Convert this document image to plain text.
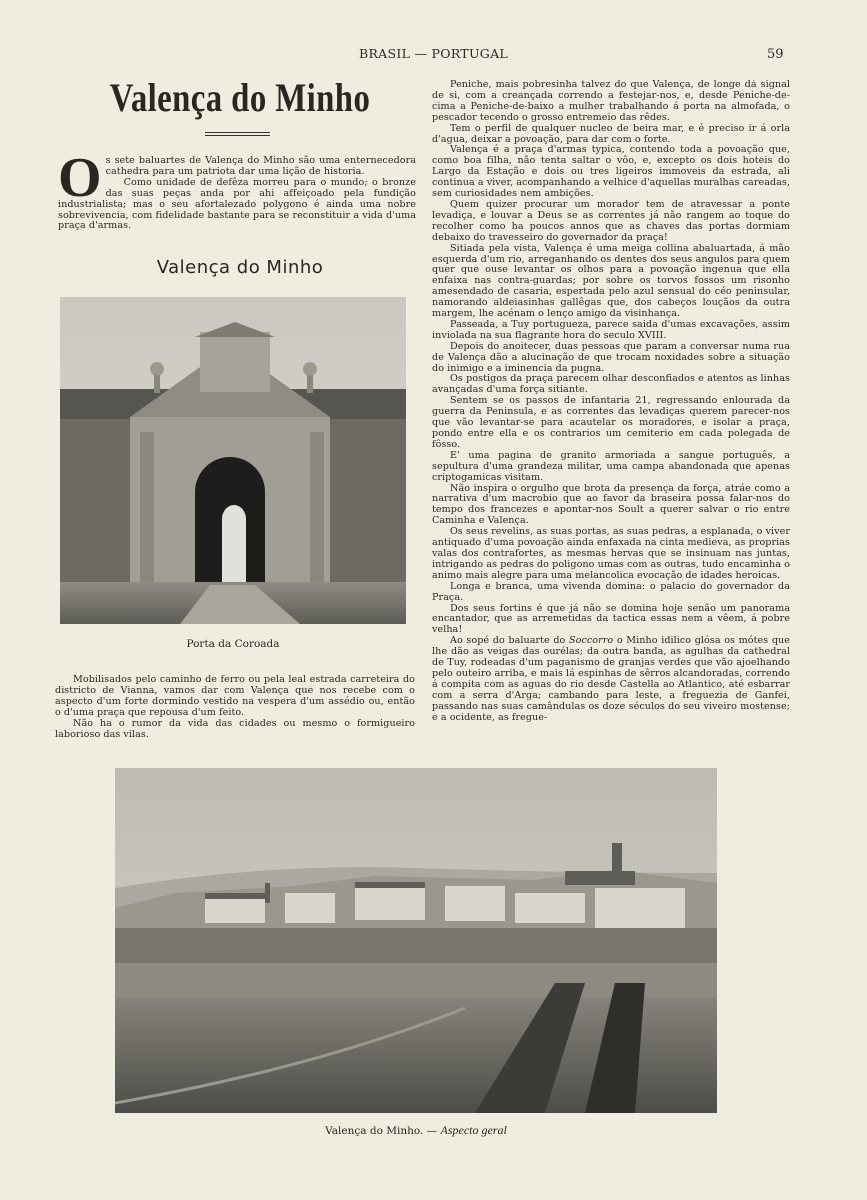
BRASIL — PORTUGAL	59
Valença do Minho

Os sete baluartes de Valença do Minho são uma enternecedora cathedra para um patriota dar uma lição de historia.

Como unidade de defêza morreu para o mundo; o bronze das suas peças anda por ahi affeiçoado pela fundição industrialista; mas o seu afortalezado polygono é ainda uma nobre sobrevivencia, com fidelidade bastante para se reconstituir a vida d'uma praça d'armas.

Valença do Minho
Porta da Coroada

Mobilisados pelo caminho de ferro ou pela leal estrada carreteira do districto de Vianna, vamos dar com Valença que nos recebe com o aspecto d'um forte dormindo vestido na vespera d'um assédio ou, então o d'uma praça que repousa d'um feito.

Não ha o rumor da vida das cidades ou mesmo o formigueiro laborioso das vilas.

Peniche, mais pobresinha talvez do que Valença, de longe dá signal de si, com a creançada correndo a festejar-nos, e, desde Peniche-de-cima a Peniche-de-baixo a mulher trabalhando á porta na almofada, o pescador tecendo o grosso entremeio das rêdes.

Tem o perfil de qualquer nucleo de beira mar, e é preciso ir á orla d'agua, deixar a povoação, para dar com o forte.

Valença é a praça d'armas typica, contendo toda a povoação que, como boa filha, não tenta saltar o vôo, e, excepto os dois hoteis do Largo da Estação e dois ou tres ligeiros immoveis da estrada, ali continua a viver, acompanhando a velhice d'aquellas muralhas careadas, sem curiosidades nem ambições.

Quem quizer procurar um morador tem de atravessar a ponte levadiça, e louvar a Deus se as correntes já não rangem ao toque do recolher como ha poucos annos que as chaves das portas dormiam debaixo do travesseiro do governador da praça!

Sitiada pela vista, Valença é uma meiga collina abaluartada, á mão esquerda d'um rio, arreganhando os dentes dos seus angulos para quem quer que ouse levantar os olhos para a povoação ingenua que ella enfaixa nas contra-guardas; por sobre os torvos fossos um risonho amesendado de casaria, espertada pelo azul sensual do céo peninsular, namorando aldeiasinhas gallêgas que, dos cabeços louçãos da outra margem, lhe acénam o lenço amigo da visinhança.

Passeada, a Tuy portugueza, parece saida d'umas excavações, assim inviolada na sua flagrante hora do seculo XVIII.

Depois do anoitecer, duas pessoas que param a conversar numa rua de Valença dão a alucinação de que trocam noxidades sobre a situação do inimigo e a iminencia da pugna.

Os postigos da praça parecem olhar desconfiados e atentos as linhas avançadas d'uma força sitiante.

Sentem se os passos de infantaria 21, regressando enlourada da guerra da Peninsula, e as correntes das levadiças querem parecer-nos que vão levantar-se para acautelar os moradores, e isolar a praça, pondo entre ella e os contrarios um cemiterio em cada polegada de fôsso.

E' uma pagina de granito armoriada a sangue português, a sepultura d'uma grandeza militar, uma campa abandonada que apenas criptogamicas visitam.

Não inspira o orgulho que brota da presença da força, atráe como a narrativa d'um macrobio que ao favor da braseira possa falar-nos do tempo dos francezes e apontar-nos Soult a querer salvar o rio entre Caminha e Valença.

Os seus revelins, as suas portas, as suas pedras, a esplanada, o viver antiquado d'uma povoação ainda enfaxada na cinta medieva, as proprias valas dos contrafortes, as mesmas hervas que se insinuam nas juntas, intrigando as pedras do poligono umas com as outras, tudo encaminha o animo mais alegre para uma melancolica evocação de idades heroicas.

Longa e branca, uma vivenda domina: o palacio do governador da Praça.

Dos seus fortins é que já não se domina hoje senão um panorama encantador, que as arremetidas da tactica essas nem a vêem, á pobre velha!

Ao sopé do baluarte do Soccorro o Minho idilico glósa os mótes que lhe dão as veigas das ourélas; da outra banda, as agulhas da cathedral de Tuy, rodeadas d'um paganismo de granjas verdes que vão ajoelhando pelo outeiro arriba, e mais lá espinhas de sêrros alcandoradas, correndo á compita com as aguas do rio desde Castella ao Atlantico, até esbarrar com a serra d'Arga; cambando para leste, a freguezia de Ganfei, passando nas suas camândulas os doze séculos do seu viveiro mostense; e a ocidente, as fregue-

Valença do Minho. — Aspecto geral
